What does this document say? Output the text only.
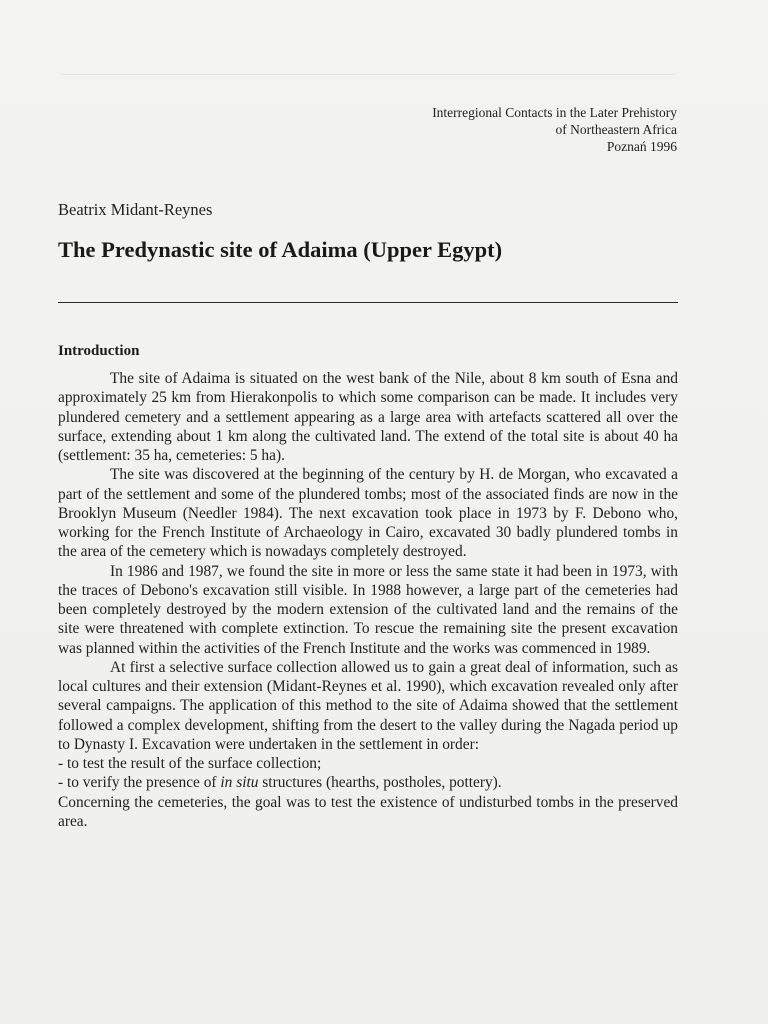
Interregional Contacts in the Later Prehistory
of Northeastern Africa
Poznań 1996
Beatrix Midant-Reynes
The Predynastic site of Adaima (Upper Egypt)
Introduction

The site of Adaima is situated on the west bank of the Nile, about 8 km south of Esna and approximately 25 km from Hierakonpolis to which some comparison can be made. It includes very plundered cemetery and a settlement appearing as a large area with artefacts scattered all over the surface, extending about 1 km along the cultivated land. The extend of the total site is about 40 ha (settlement: 35 ha, cemeteries: 5 ha).

The site was discovered at the beginning of the century by H. de Morgan, who excavated a part of the settlement and some of the plundered tombs; most of the associated finds are now in the Brooklyn Museum (Needler 1984). The next excavation took place in 1973 by F. Debono who, working for the French Institute of Archaeology in Cairo, excavated 30 badly plundered tombs in the area of the cemetery which is nowadays completely destroyed.

In 1986 and 1987, we found the site in more or less the same state it had been in 1973, with the traces of Debono's excavation still visible. In 1988 however, a large part of the cemeteries had been completely destroyed by the modern extension of the cultivated land and the remains of the site were threatened with complete extinction. To rescue the remaining site the present excavation was planned within the activities of the French Institute and the works was commenced in 1989.

At first a selective surface collection allowed us to gain a great deal of information, such as local cultures and their extension (Midant-Reynes et al. 1990), which excavation revealed only after several campaigns. The application of this method to the site of Adaima showed that the settlement followed a complex development, shifting from the desert to the valley during the Nagada period up to Dynasty I. Excavation were undertaken in the settlement in order:

- to test the result of the surface collection;

- to verify the presence of in situ structures (hearths, postholes, pottery).

Concerning the cemeteries, the goal was to test the existence of undisturbed tombs in the preserved area.
